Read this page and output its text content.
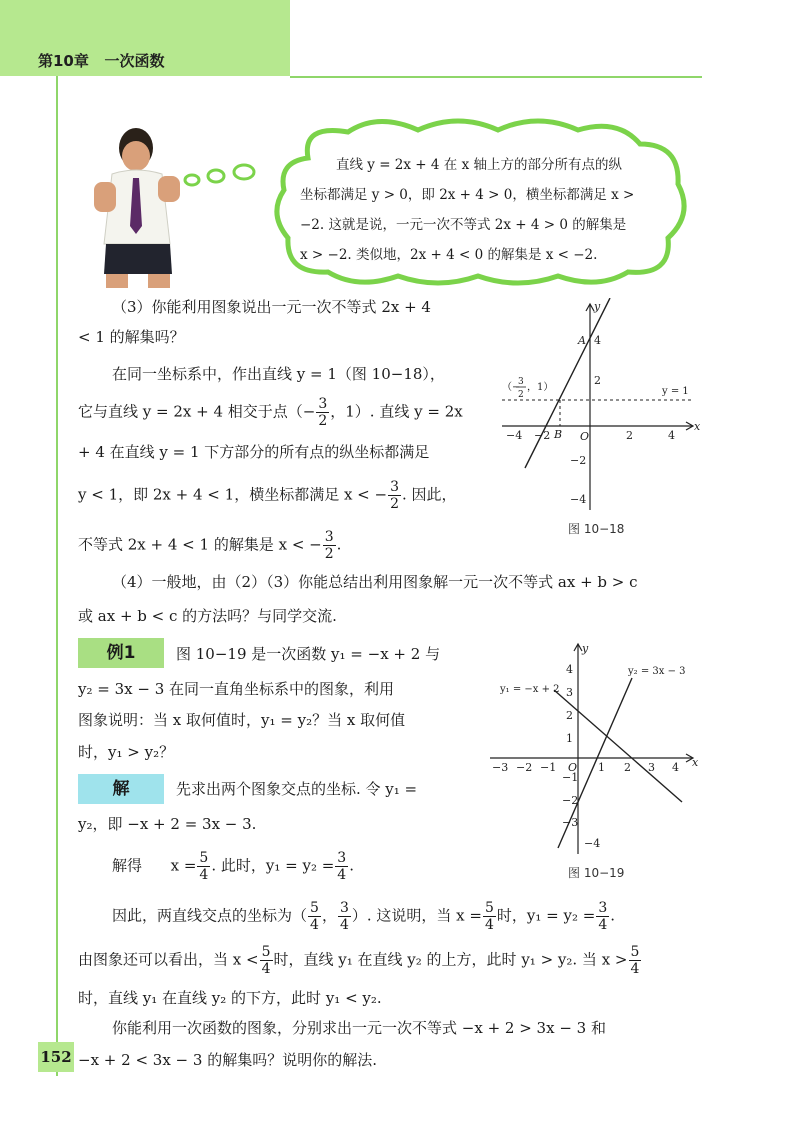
第10章   一次函数
直线 y = 2x + 4 在 x 轴上方的部分所有点的纵
坐标都满足 y > 0，即 2x + 4 > 0，横坐标都满足 x >
−2. 这就是说，一元一次不等式 2x + 4 > 0 的解集是
x > −2. 类似地，2x + 4 < 0 的解集是 x < −2.
（3）你能利用图象说出一元一次不等式 2x + 4
< 1 的解集吗？
在同一坐标系中，作出直线 y = 1（图 10−18），
它与直线 y = 2x + 4 相交于点（− $\frac{3}{2}$ ，1）. 直线 y = 2x
+ 4 在直线 y = 1 下方部分的所有点的纵坐标都满足
y < 1，即 2x + 4 < 1，横坐标都满足 x < − $\frac{3}{2}$ . 因此，
不等式 2x + 4 < 1 的解集是 x < − $\frac{3}{2}$ .
−4 −2	2	4
4
2
−2
−4
O
x
y
A
B
y = 1
（−
3
2
，1）
图 10−18
（4）一般地，由（2）（3）你能总结出利用图象解一元一次不等式 ax + b > c
或 ax + b < c 的方法吗？与同学交流.
例1	图 10−19 是一次函数 y₁ = −x + 2 与
y₂ = 3x − 3 在同一直角坐标系中的图象，利用
图象说明：当 x 取何值时，y₁ = y₂？当 x 取何值
时，y₁ > y₂？
解	先求出两个图象交点的坐标. 令 y₁ =
y₂，即 −x + 2 = 3x − 3.
解得 $x = \frac{5}{4}$ . 此时，$y_1 = y_2 = \frac{3}{4}$ .
因此，两直线交点的坐标为（ $\frac{5}{4}$ ， $\frac{3}{4}$ ）. 这说明，当 $x = \frac{5}{4}$ 时，$y_1 = y_2 = \frac{3}{4}$ .
由图象还可以看出，当 $x < \frac{5}{4}$ 时，直线 y₁ 在直线 y₂ 的上方，此时 y₁ > y₂. 当 $x > \frac{5}{4}$
时，直线 y₁ 在直线 y₂ 的下方，此时 y₁ < y₂.
你能利用一次函数的图象，分别求出一元一次不等式 −x + 2 > 3x − 3 和
−x + 2 < 3x − 3 的解集吗？说明你的解法.
−3 −2 −1	1 2 3 4
4
3
2
1
−1
−2
−3
−4
O	x
y
y₁ = −x + 2
y₂ = 3x − 3
图 10−19
152
